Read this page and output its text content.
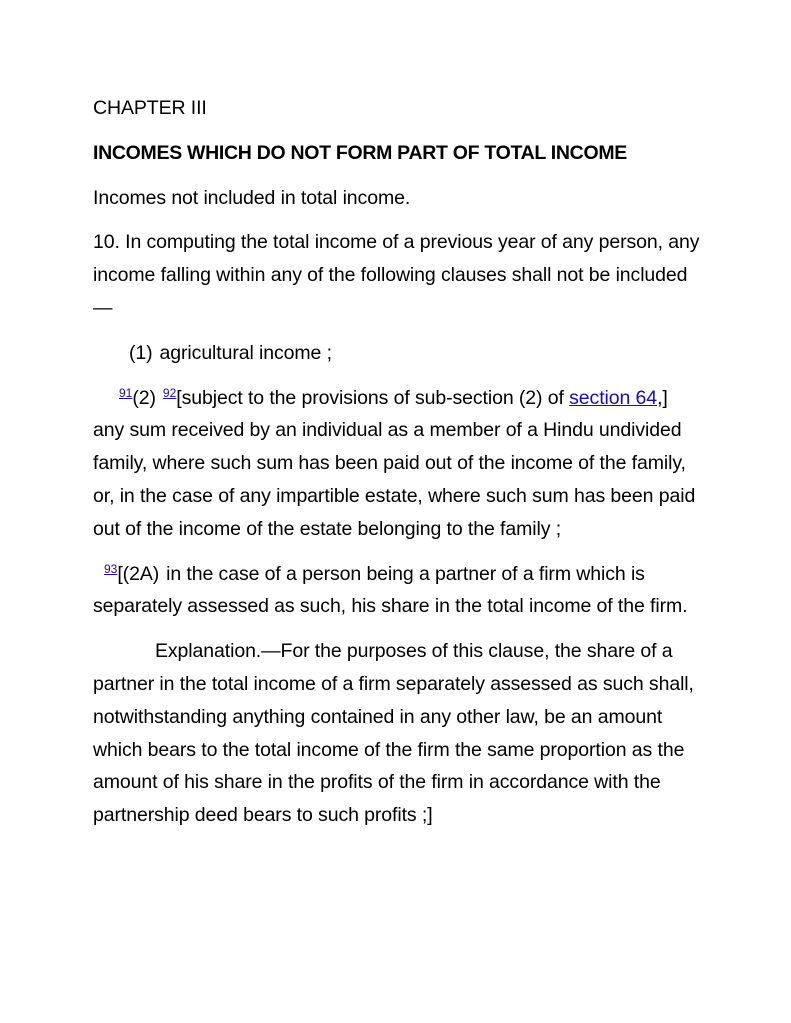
CHAPTER III

INCOMES WHICH DO NOT FORM PART OF TOTAL INCOME

Incomes not included in total income.

10. In computing the total income of a previous year of any person, any income falling within any of the following clauses shall not be included—

(1) agricultural income ;

$^{91}$(2) $^{92}$[subject to the provisions of sub-section (2) of section 64,] any sum received by an individual as a member of a Hindu undivided family, where such sum has been paid out of the income of the family, or, in the case of any impartible estate, where such sum has been paid out of the income of the estate belonging to the family ;

$^{93}$[(2A) in the case of a person being a partner of a firm which is separately assessed as such, his share in the total income of the firm.

Explanation.—For the purposes of this clause, the share of a partner in the total income of a firm separately assessed as such shall, notwithstanding anything contained in any other law, be an amount which bears to the total income of the firm the same proportion as the amount of his share in the profits of the firm in accordance with the partnership deed bears to such profits ;]
